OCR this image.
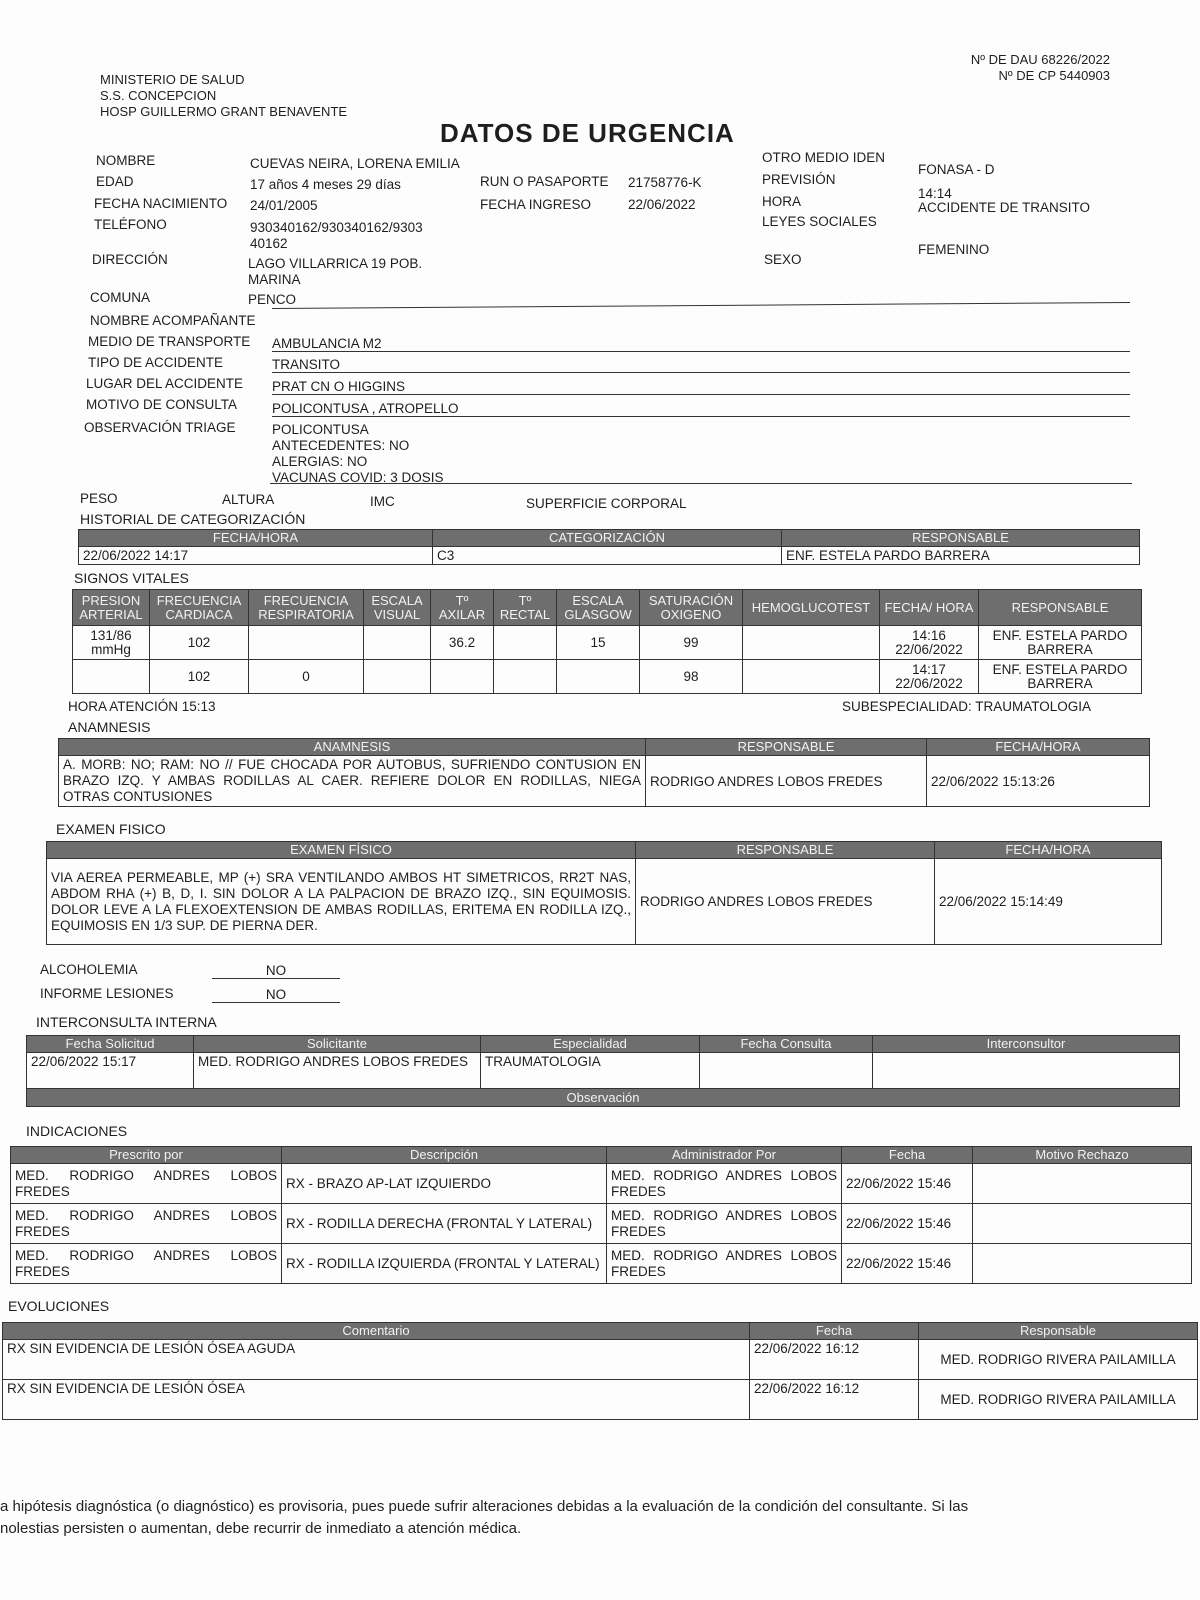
MINISTERIO DE SALUD
S.S. CONCEPCION
HOSP GUILLERMO GRANT BENAVENTE
Nº DE DAU 68226/2022
Nº DE CP 5440903
DATOS DE URGENCIA
NOMBRE	CUEVAS NEIRA, LORENA EMILIA
EDAD	17 años 4 meses 29 días
FECHA NACIMIENTO 24/01/2005
TELÉFONO	930340162/930340162/9303
40162
DIRECCIÓN	LAGO VILLARRICA 19 POB.
MARINA
COMUNA	PENCO
RUN O PASAPORTE 21758776-K
FECHA INGRESO	22/06/2022
OTRO MEDIO IDEN
PREVISIÓN
FONASA - D
HORA
14:14
LEYES SOCIALES
ACCIDENTE DE TRANSITO
SEXO
FEMENINO
NOMBRE ACOMPAÑANTE
MEDIO DE TRANSPORTE AMBULANCIA M2
TIPO DE ACCIDENTE	TRANSITO
LUGAR DEL ACCIDENTE PRAT CN O HIGGINS
MOTIVO DE CONSULTA	POLICONTUSA , ATROPELLO
OBSERVACIÓN TRIAGE	POLICONTUSA
ANTECEDENTES: NO
ALERGIAS: NO
VACUNAS COVID: 3 DOSIS
PESO	ALTURA	IMC	SUPERFICIE CORPORAL
HISTORIAL DE CATEGORIZACIÓN
FECHA/HORA	CATEGORIZACIÓN	RESPONSABLE
22/06/2022 14:17	C3	ENF. ESTELA PARDO BARRERA
SIGNOS VITALES
PRESION ARTERIAL	FRECUENCIA CARDIACA	FRECUENCIA RESPIRATORIA	ESCALA VISUAL	Tº AXILAR	Tº RECTAL	ESCALA GLASGOW	SATURACIÓN OXIGENO	HEMOGLUCOTEST	FECHA/ HORA	RESPONSABLE
131/86 mmHg	102			36.2		15	99		14:16 22/06/2022	ENF. ESTELA PARDO BARRERA
	102	0					98		14:17 22/06/2022	ENF. ESTELA PARDO BARRERA
HORA ATENCIÓN 15:13	SUBESPECIALIDAD: TRAUMATOLOGIA
ANAMNESIS
ANAMNESIS	RESPONSABLE	FECHA/HORA
A. MORB: NO; RAM: NO // FUE CHOCADA POR AUTOBUS, SUFRIENDO CONTUSION EN BRAZO IZQ. Y AMBAS RODILLAS AL CAER. REFIERE DOLOR EN RODILLAS, NIEGA OTRAS CONTUSIONES	RODRIGO ANDRES LOBOS FREDES	22/06/2022 15:13:26
EXAMEN FISICO
EXAMEN FÍSICO	RESPONSABLE	FECHA/HORA
VIA AEREA PERMEABLE, MP (+) SRA VENTILANDO AMBOS HT SIMETRICOS, RR2T NAS, ABDOM RHA (+) B, D, I. SIN DOLOR A LA PALPACION DE BRAZO IZQ., SIN EQUIMOSIS. DOLOR LEVE A LA FLEXOEXTENSION DE AMBAS RODILLAS, ERITEMA EN RODILLA IZQ., EQUIMOSIS EN 1/3 SUP. DE PIERNA DER.	RODRIGO ANDRES LOBOS FREDES	22/06/2022 15:14:49
ALCOHOLEMIA	NO
INFORME LESIONES	NO
INTERCONSULTA INTERNA
Fecha Solicitud	Solicitante	Especialidad	Fecha Consulta	Interconsultor
22/06/2022 15:17	MED. RODRIGO ANDRES LOBOS FREDES	TRAUMATOLOGIA		
Observación				
INDICACIONES
Prescrito por	Descripción	Administrador Por	Fecha	Motivo Rechazo
MED. RODRIGO ANDRES LOBOS FREDES	RX - BRAZO AP-LAT IZQUIERDO	MED. RODRIGO ANDRES LOBOS FREDES	22/06/2022 15:46	
MED. RODRIGO ANDRES LOBOS FREDES	RX - RODILLA DERECHA (FRONTAL Y LATERAL)	MED. RODRIGO ANDRES LOBOS FREDES	22/06/2022 15:46	
MED. RODRIGO ANDRES LOBOS FREDES	RX - RODILLA IZQUIERDA (FRONTAL Y LATERAL)	MED. RODRIGO ANDRES LOBOS FREDES	22/06/2022 15:46	
EVOLUCIONES
Comentario	Fecha	Responsable
RX SIN EVIDENCIA DE LESIÓN ÓSEA AGUDA	22/06/2022 16:12	MED. RODRIGO RIVERA PAILAMILLA
RX SIN EVIDENCIA DE LESIÓN ÓSEA	22/06/2022 16:12	MED. RODRIGO RIVERA PAILAMILLA
a hipótesis diagnóstica (o diagnóstico) es provisoria, pues puede sufrir alteraciones debidas a la evaluación de la condición del consultante. Si las
nolestias persisten o aumentan, debe recurrir de inmediato a atención médica.
